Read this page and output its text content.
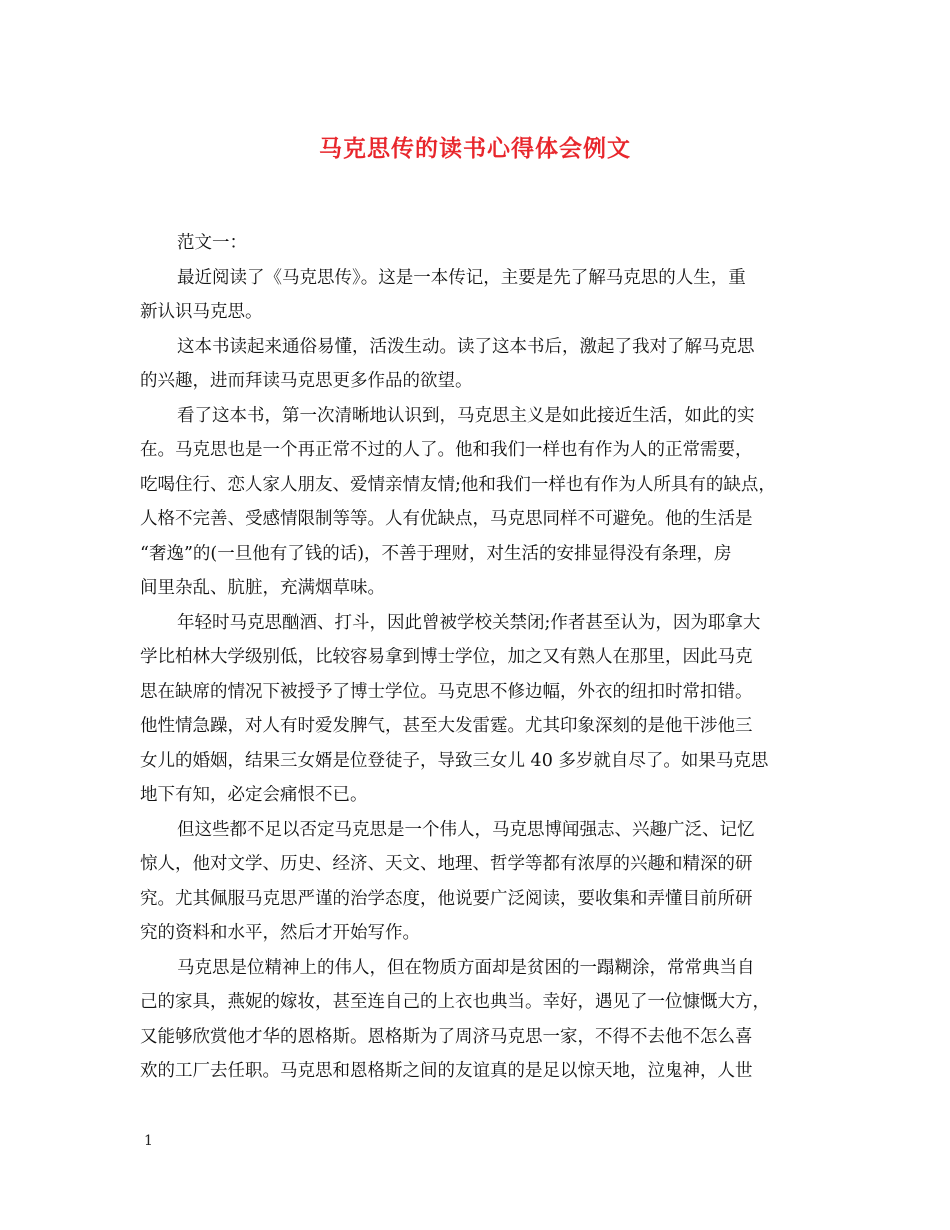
马克思传的读书心得体会例文
范文一：
最近阅读了《马克思传》。这是一本传记，主要是先了解马克思的人生，重
新认识马克思。
这本书读起来通俗易懂，活泼生动。读了这本书后，激起了我对了解马克思
的兴趣，进而拜读马克思更多作品的欲望。
看了这本书，第一次清晰地认识到，马克思主义是如此接近生活，如此的实
在。马克思也是一个再正常不过的人了。他和我们一样也有作为人的正常需要，
吃喝住行、恋人家人朋友、爱情亲情友情;他和我们一样也有作为人所具有的缺点，
人格不完善、受感情限制等等。人有优缺点，马克思同样不可避免。他的生活是
“奢逸”的(一旦他有了钱的话)，不善于理财，对生活的安排显得没有条理，房
间里杂乱、肮脏，充满烟草味。
年轻时马克思酗酒、打斗，因此曾被学校关禁闭;作者甚至认为，因为耶拿大
学比柏林大学级别低，比较容易拿到博士学位，加之又有熟人在那里，因此马克
思在缺席的情况下被授予了博士学位。马克思不修边幅，外衣的纽扣时常扣错。
他性情急躁，对人有时爱发脾气，甚至大发雷霆。尤其印象深刻的是他干涉他三
女儿的婚姻，结果三女婿是位登徒子，导致三女儿 40 多岁就自尽了。如果马克思
地下有知，必定会痛恨不已。
但这些都不足以否定马克思是一个伟人，马克思博闻强志、兴趣广泛、记忆
惊人，他对文学、历史、经济、天文、地理、哲学等都有浓厚的兴趣和精深的研
究。尤其佩服马克思严谨的治学态度，他说要广泛阅读，要收集和弄懂目前所研
究的资料和水平，然后才开始写作。
马克思是位精神上的伟人，但在物质方面却是贫困的一蹋糊涂，常常典当自
己的家具，燕妮的嫁妆，甚至连自己的上衣也典当。幸好，遇见了一位慷慨大方，
又能够欣赏他才华的恩格斯。恩格斯为了周济马克思一家，不得不去他不怎么喜
欢的工厂去任职。马克思和恩格斯之间的友谊真的是足以惊天地，泣鬼神，人世
1
